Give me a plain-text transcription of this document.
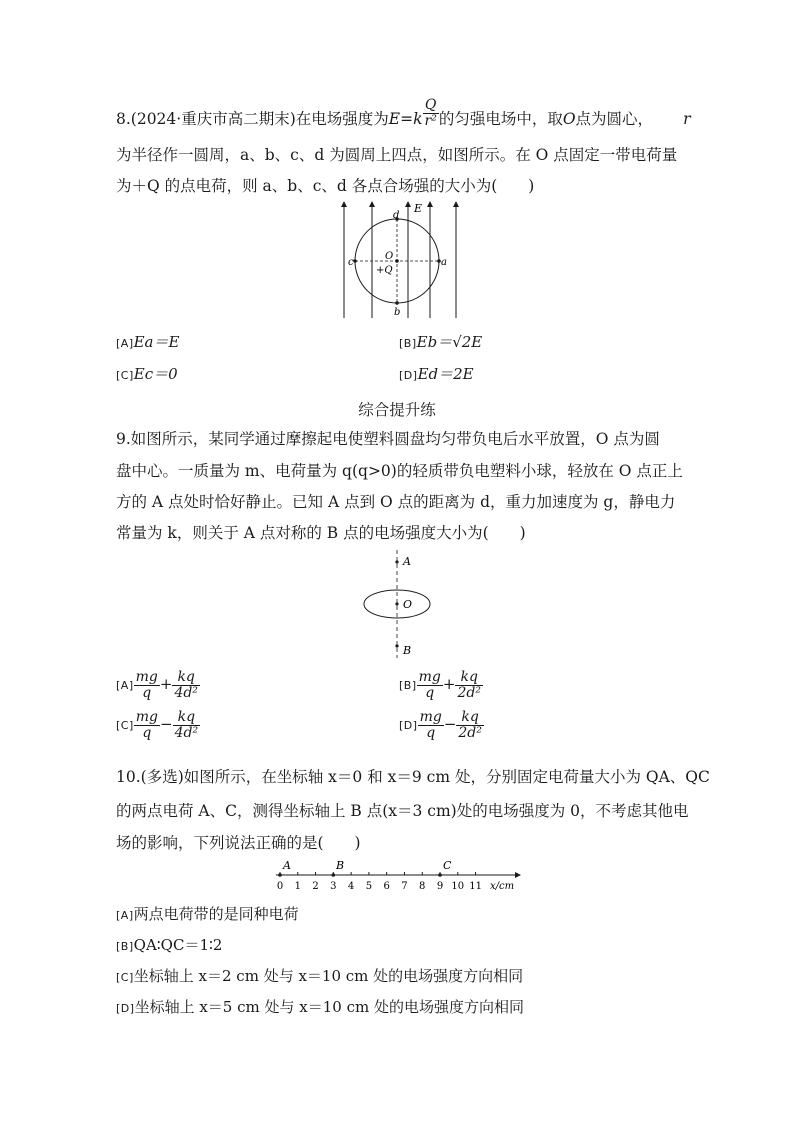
8.(2024·重庆市高二期末)在电场强度为$E=k \frac{Q}{\text{r²}}$ 的匀强电场中，取O点为圆心， r
为半径作一圆周，a、b、c、d 为圆周上四点，如图所示。在 O 点固定一带电荷量
为＋Q 的点电荷，则 a、b、c、d 各点合场强的大小为(　　)
E
d
O
+Q
c	a
b
[A]Ea＝E	[B]Eb＝√2E
[C]Ec＝0	[D]Ed＝2E
综合提升练
9.如图所示，某同学通过摩擦起电使塑料圆盘均匀带负电后水平放置，O 点为圆
盘中心。一质量为 m、电荷量为 q(q>0)的轻质带负电塑料小球，轻放在 O 点正上
方的 A 点处时恰好静止。已知 A 点到 O 点的距离为 d，重力加速度为 g，静电力
常量为 k，则关于 A 点对称的 B 点的电场强度大小为(　　)
A
O
B
$[A] \frac{mg}{q} + \frac{kq}{\text{4d²}}$	$[B] \frac{mg}{q} + \frac{kq}{\text{2d²}}$
$[C] \frac{mg}{q} - \frac{kq}{\text{4d²}}$	$[D] \frac{mg}{q} - \frac{kq}{\text{2d²}}$
10.(多选)如图所示，在坐标轴 x＝0 和 x＝9 cm 处，分别固定电荷量大小为 QA、QC
的两点电荷 A、C，测得坐标轴上 B 点(x＝3 cm)处的电场强度为 0，不考虑其他电
场的影响，下列说法正确的是(　　)
0 1 2 3 4 5 6 7 8 9 10 11
A	B	C
x/cm
[A]两点电荷带的是同种电荷
[B]QA∶QC＝1∶2
[C]坐标轴上 x＝2 cm 处与 x＝10 cm 处的电场强度方向相同
[D]坐标轴上 x＝5 cm 处与 x＝10 cm 处的电场强度方向相同
